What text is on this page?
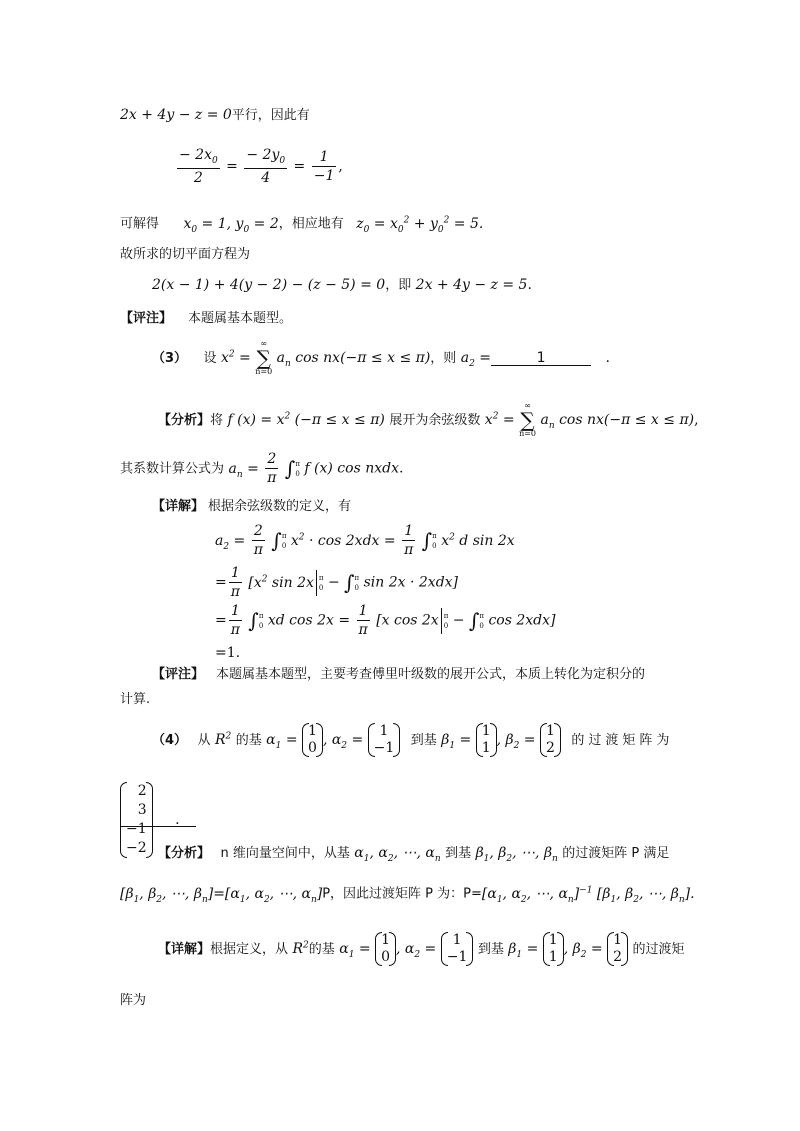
2x + 4y − z = 0平行，因此有
$\frac{- 2x_0}{2} = \frac{- 2y_0}{4} = \frac{1}{-1}$ ,
可解得 $x_0 = 1$, $y_0 = 2$，相应地有 $z_0 = x_0^2 + y_0^2 = 5$.
故所求的切平面方程为
2(x − 1) + 4(y − 2) − (z − 5) = 0，即 2x + 4y − z = 5.
【评注】 本题属基本题型。
（3） 设 $x^2$ =
∞
∑
n=0
$a_n$ cos nx(−π ≤ x ≤ π)，则 $a_2$ =	1	.
【分析】将 f $(x) = x^2$ (−π ≤ x ≤ π) 展开为余弦级数 $x^2$ =
∞
∑
n=0
$a_n$ cos nx(−π ≤ x ≤ π),
其系数计算公式为 $a_n = \frac{2}{\pi} \int\pi$
0 f (x) cos nxdx.
【详解】 根据余弦级数的定义，有
$a_2 = \frac{2}{\pi} \int\pi$
0 $x^2 \cdot \cos 2xdx = \frac{1}{\pi} \int\pi$
0 $x^2$ d sin 2x
= $\frac{1}{\pi} [x^2$ sin 2x π
0 − ∫π
0 sin 2x · 2xdx]
= $\frac{1}{\pi} \int\pi$
0 xd $\cos 2x = \frac{1}{\pi} [x$ cos 2x π
0 − ∫π
0 cos 2xdx]
=1.
【评注】 本题属基本题型，主要考查傅里叶级数的展开公式，本质上转化为定积分的
计算.
（4） 从 $R^2$ 的基 $\alpha_1$ =
1
0 , $\alpha_2$ =
1
−1 到基 $\beta_1$ =
1
1 , $\beta_2$ =
1
2 的过渡矩阵为
2
3
−1
−2
.
【分析】 n 维向量空间中，从基 $\alpha_1$, $\alpha_2$, ⋯, $\alpha_n$ 到基 $\beta_1$, $\beta_2$, ⋯, $\beta_n$ 的过渡矩阵 P 满足
[$\beta_1$, $\beta_2$, ⋯, $\beta_n]=[\alpha_1$, $\alpha_2$, ⋯, $\alpha_n]P$，因此过渡矩阵 P 为：$P=[\alpha_1$, $\alpha_2$, ⋯, $\alpha_n]^{-1}$ [$\beta_1$, $\beta_2$, ⋯, $\beta_n$].
【详解】根据定义，从 $R^2$的基 $\alpha_1$ =
1
0 , $\alpha_2$ =
1
−1 到基 $\beta_1$ =
1
1 , $\beta_2$ =
1
2 的过渡矩
阵为
